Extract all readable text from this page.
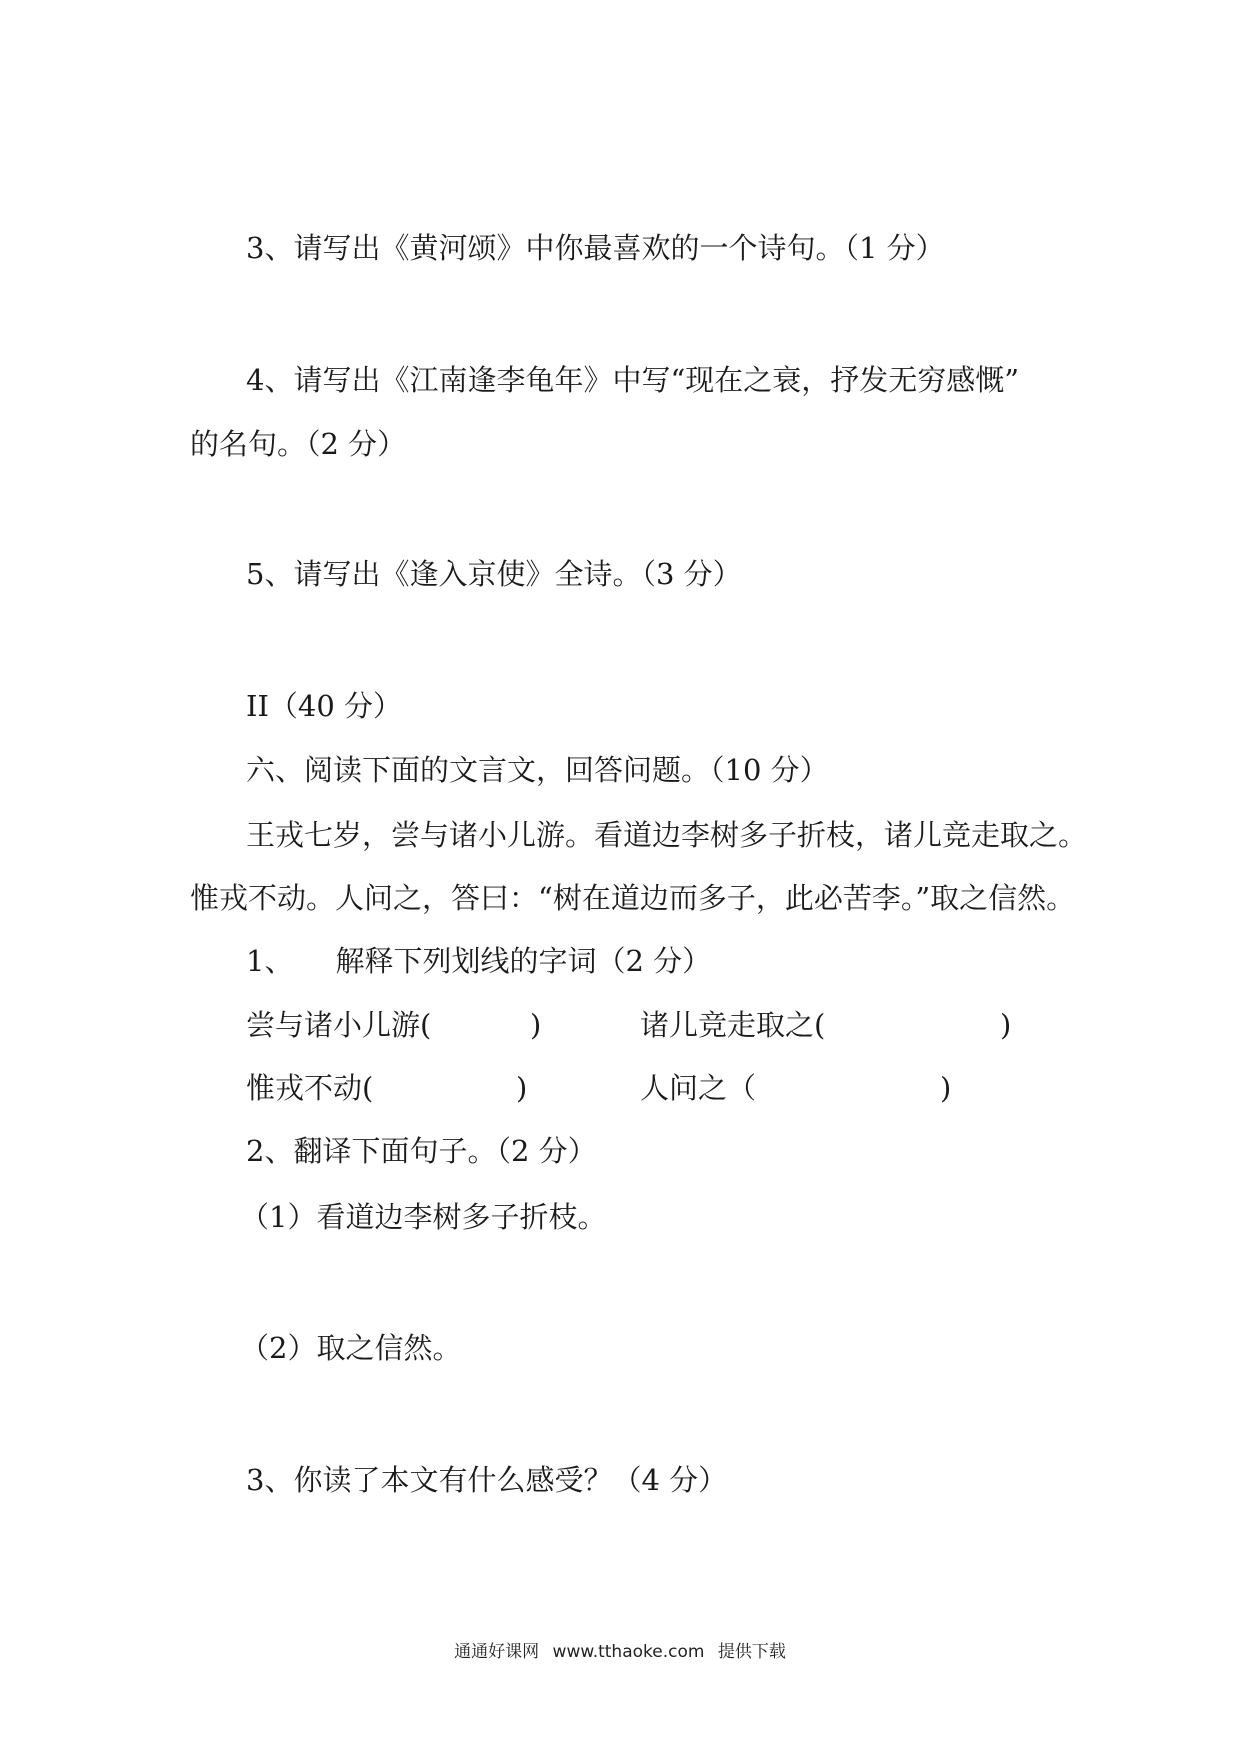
3、请写出《黄河颂》中你最喜欢的一个诗句。（1 分）
4、请写出《江南逢李龟年》中写“现在之衰，抒发无穷感慨”
的名句。（2 分）
5、请写出《逢入京使》全诗。（3 分）
II（40 分）
六、阅读下面的文言文，回答问题。（10 分）
王戎七岁，尝与诸小儿游。看道边李树多子折枝，诸儿竞走取之。
惟戎不动。人问之，答曰：“树在道边而多子，此必苦李。”取之信然。
1、 解释下列划线的字词（2 分）
尝与诸小儿游(	)	诸儿竞走取之(	)
惟戎不动(	)	人问之（	)
2、翻译下面句子。（2 分）
（1）看道边李树多子折枝。
（2）取之信然。
3、你读了本文有什么感受？（4 分）
通通好课网 www.tthaoke.com 提供下载
